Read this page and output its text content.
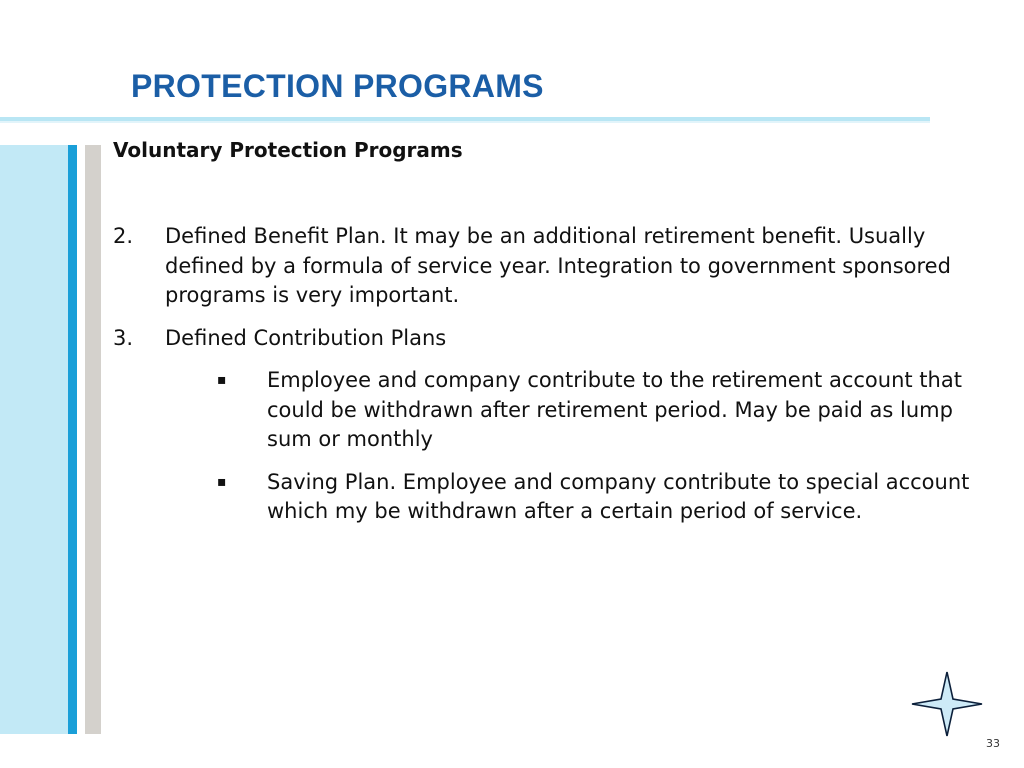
PROTECTION PROGRAMS

Voluntary Protection Programs

2. Defined Benefit Plan. It may be an additional retirement benefit. Usually defined by a formula of service year. Integration to government sponsored programs is very important.
3. Defined Contribution Plans
▪ Employee and company contribute to the retirement account that could be withdrawn after retirement period. May be paid as lump sum or monthly
▪ Saving Plan. Employee and company contribute to special account which my be withdrawn after a certain period of service.
33
